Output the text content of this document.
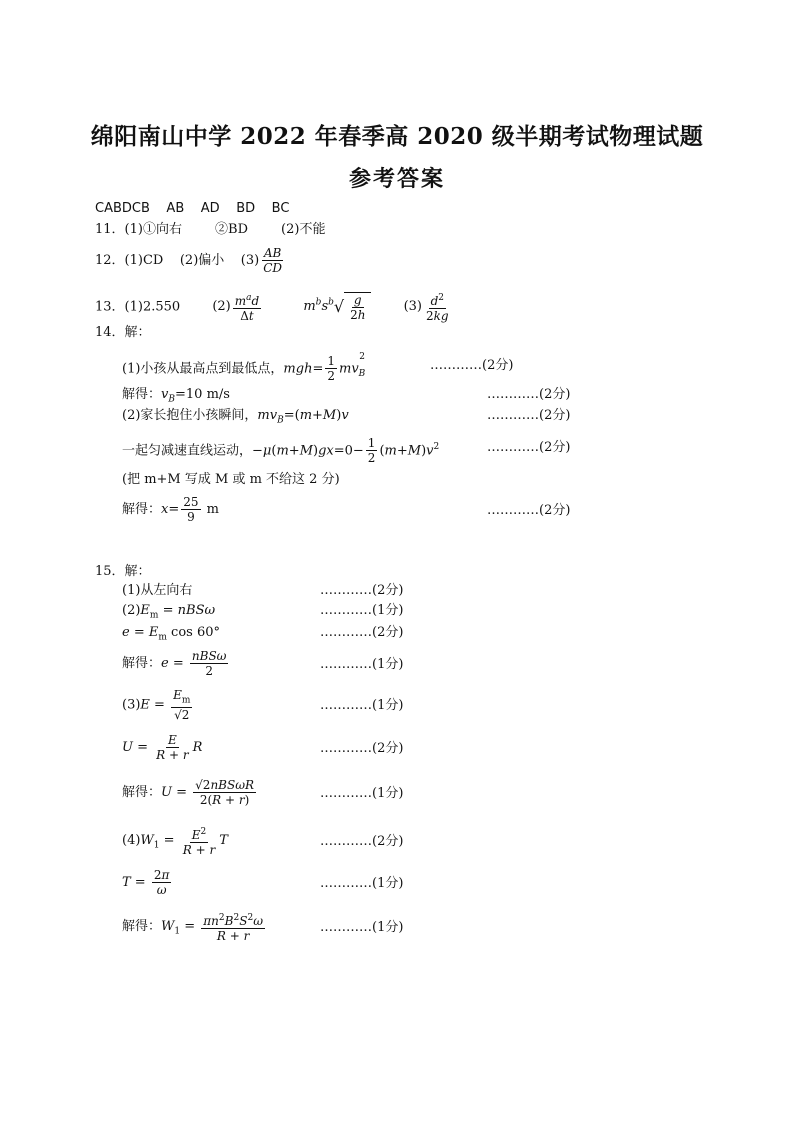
绵阳南山中学 2022 年春季高 2020 级半期考试物理试题
参考答案
CABDCB    AB    AD    BD    BC
11．(1)①向右        ②BD        (2)不能
12．(1)CD    (2)偏小    $(3) \frac{AB}{CD}$
13．(1)2.550 $(2) \frac{m^ad}{\Delta t}$	$m^bs^b$ √ $\frac{g}{2h}$	$(3) \frac{d^2}{2kg}$
14．解：
(1)小孩从最高点到最低点，$mgh= \frac{1}{2} mv_B^2$
…………(2分)
解得：$v_B=10$ m/s	…………(2分)
(2)家长抱住小孩瞬间，$mv_B=(m+M)v$	…………(2分)
一起匀减速直线运动，$-\mu(m+M)gx=0- \frac{1}{2} (m+M)v^2$	…………(2分)
(把 m+M 写成 M 或 m 不给这 2 分)
解得：$x= \frac{25}{9}$ m	…………(2分)
15．解：
(1)从左向右	…………(2分)
$(2)E_m = nBS\omega$	…………(1分)
$e = E_m$ cos 60°	…………(2分)
解得：$e = \frac{\text{nBSω}}{2}$	…………(1分)
$(3)E = \frac{E_m}{√2}$	…………(1分)
$U = \frac{E}{R + r}$ R	…………(2分)
解得：$U = \frac{\text{√2nBSωR}}{2(R + r)}$	…………(1分)
$(4)W_1 = \frac{E^2}{R + r}$ T	…………(2分)
$T = \frac{2\pi}{\omega}$	…………(1分)
解得：$W_1 = \frac{\pi n^2B^2S^2\omega}{R + r}$	…………(1分)
